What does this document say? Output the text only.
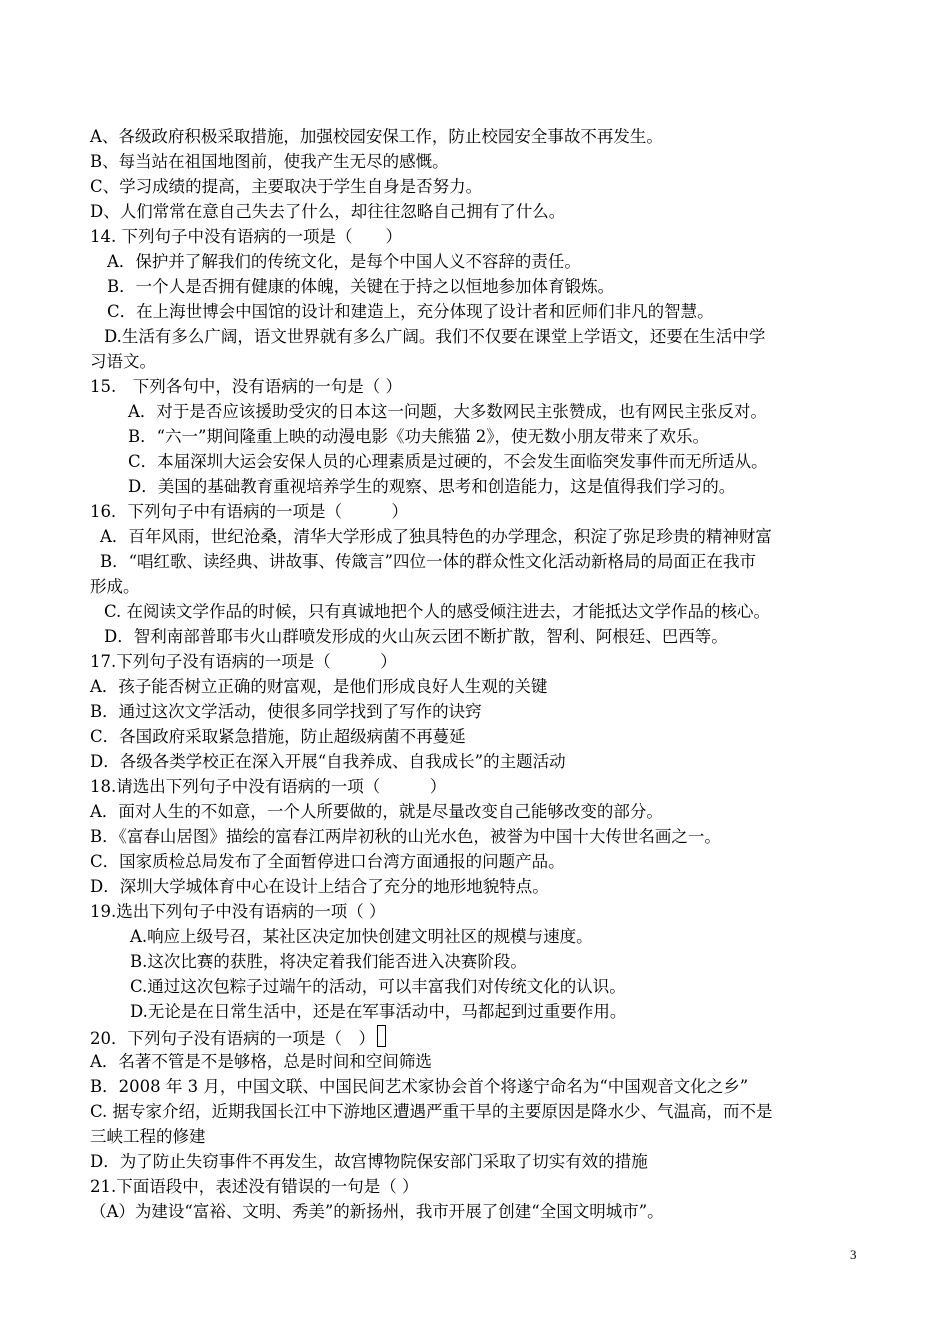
A、各级政府积极采取措施，加强校园安保工作，防止校园安全事故不再发生。
B、每当站在祖国地图前，使我产生无尽的感慨。
C、学习成绩的提高，主要取决于学生自身是否努力。
D、人们常常在意自己失去了什么，却往往忽略自己拥有了什么。
14. 下列句子中没有语病的一项是（　　）
A．保护并了解我们的传统文化，是每个中国人义不容辞的责任。
B．一个人是否拥有健康的体魄，关键在于持之以恒地参加体育锻炼。
C．在上海世博会中国馆的设计和建造上，充分体现了设计者和匠师们非凡的智慧。
D.生活有多么广阔，语文世界就有多么广阔。我们不仅要在课堂上学语文，还要在生活中学
习语文。
15.　下列各句中，没有语病的一句是（ ）
A．对于是否应该援助受灾的日本这一问题，大多数网民主张赞成，也有网民主张反对。
B．“六一”期间隆重上映的动漫电影《功夫熊猫 2》，使无数小朋友带来了欢乐。
C．本届深圳大运会安保人员的心理素质是过硬的，不会发生面临突发事件而无所适从。
D．美国的基础教育重视培养学生的观察、思考和创造能力，这是值得我们学习的。
16．下列句子中有语病的一项是（　　　）
A．百年风雨，世纪沧桑，清华大学形成了独具特色的办学理念，积淀了弥足珍贵的精神财富
B．“唱红歌、读经典、讲故事、传箴言”四位一体的群众性文化活动新格局的局面正在我市
形成。
C. 在阅读文学作品的时候，只有真诚地把个人的感受倾注进去，才能抵达文学作品的核心。
D．智利南部普耶韦火山群喷发形成的火山灰云团不断扩散，智利、阿根廷、巴西等。
17.下列句子没有语病的一项是（　　　）
A．孩子能否树立正确的财富观，是他们形成良好人生观的关键
B．通过这次文学活动，使很多同学找到了写作的诀窍
C．各国政府采取紧急措施，防止超级病菌不再蔓延
D．各级各类学校正在深入开展“自我养成、自我成长”的主题活动
18.请选出下列句子中没有语病的一项（　　　）
A．面对人生的不如意，一个人所要做的，就是尽量改变自己能够改变的部分。
B．《富春山居图》描绘的富春江两岸初秋的山光水色，被誉为中国十大传世名画之一。
C．国家质检总局发布了全面暂停进口台湾方面通报的问题产品。
D．深圳大学城体育中心在设计上结合了充分的地形地貌特点。
19.选出下列句子中没有语病的一项（ ）
A.响应上级号召，某社区决定加快创建文明社区的规模与速度。
B.这次比赛的获胜，将决定着我们能否进入决赛阶段。
C.通过这次包粽子过端午的活动，可以丰富我们对传统文化的认识。
D.无论是在日常生活中，还是在军事活动中，马都起到过重要作用。
20．下列句子没有语病的一项是（　）
A．名著不管是不是够格，总是时间和空间筛选
B．2008 年 3 月，中国文联、中国民间艺术家协会首个将遂宁命名为“中国观音文化之乡”
C. 据专家介绍，近期我国长江中下游地区遭遇严重干旱的主要原因是降水少、气温高，而不是
三峡工程的修建
D．为了防止失窃事件不再发生，故宫博物院保安部门采取了切实有效的措施
21.下面语段中，表述没有错误的一句是（ ）
（A）为建设“富裕、文明、秀美”的新扬州，我市开展了创建“全国文明城市”。
3
